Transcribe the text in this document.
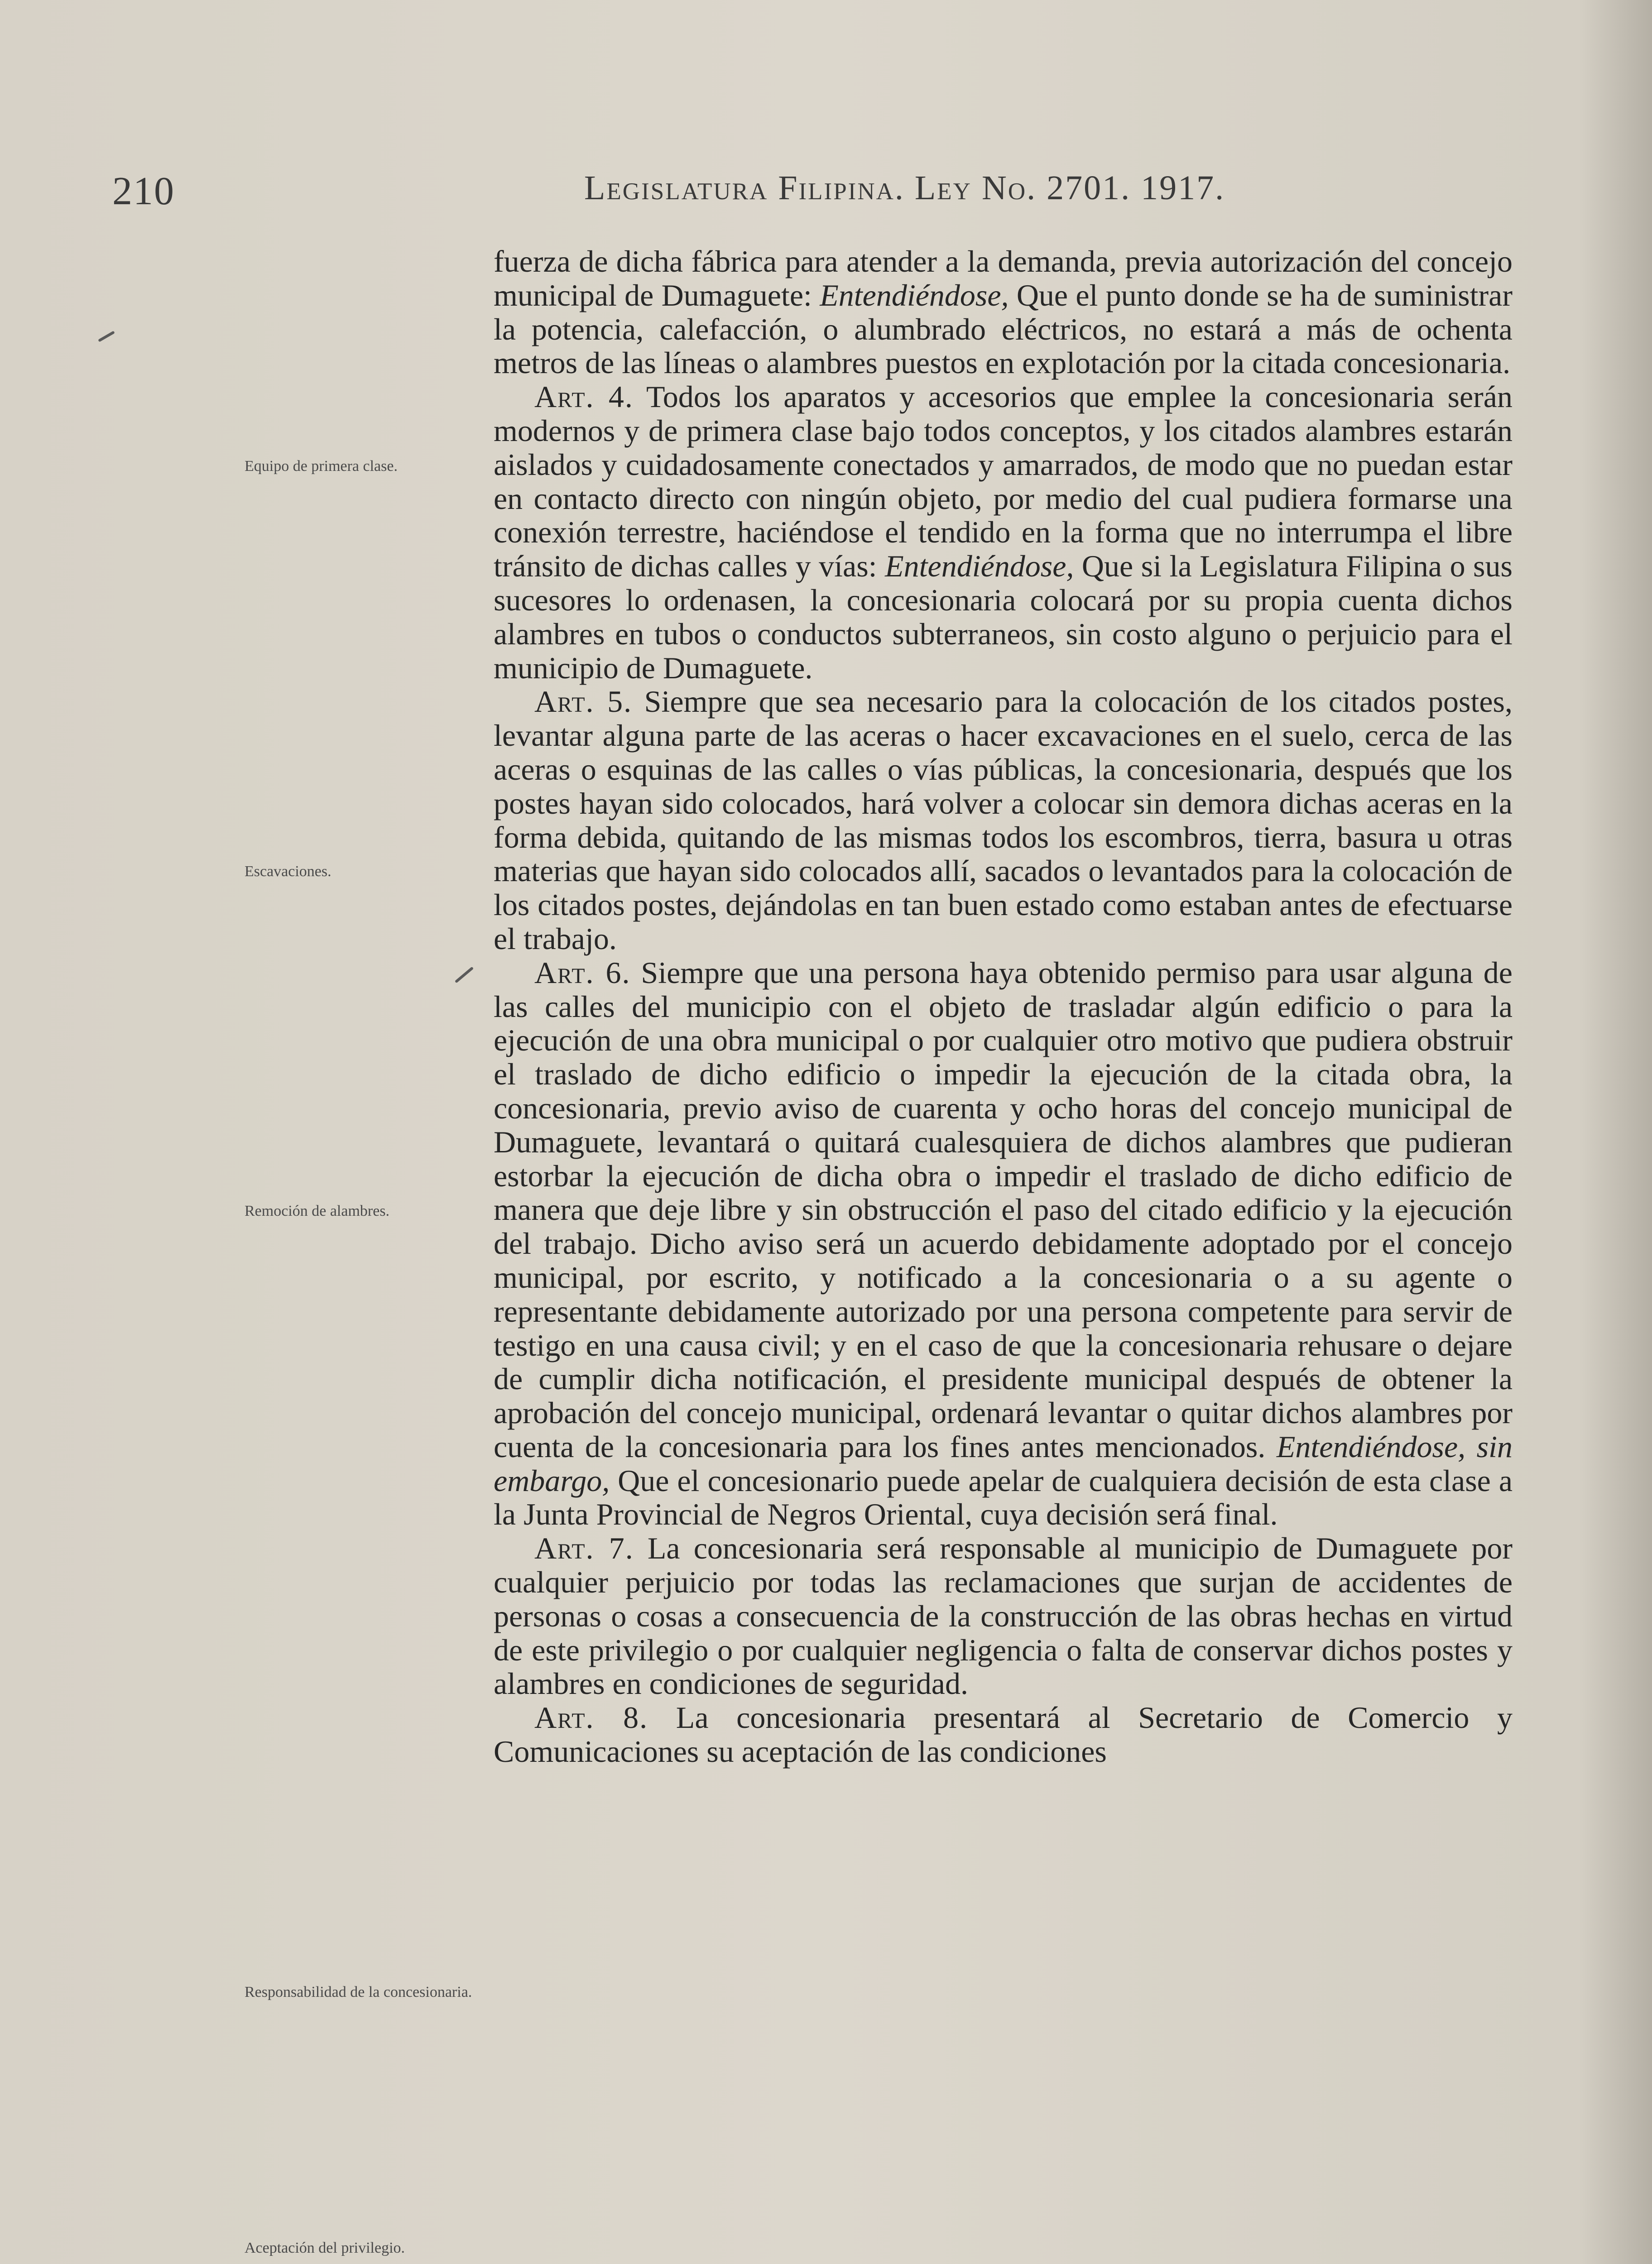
210	Legislatura Filipina. Ley No. 2701. 1917.
Equipo de primera clase.
Escavaciones.
Remoción de alambres.
Responsabilidad de la concesionaria.
Aceptación del privilegio.

fuerza de dicha fábrica para atender a la demanda, previa autorización del concejo municipal de Dumaguete: Entendiéndose, Que el punto donde se ha de suministrar la potencia, calefacción, o alumbrado eléctricos, no estará a más de ochenta metros de las líneas o alambres puestos en explotación por la citada concesionaria.

Art. 4. Todos los aparatos y accesorios que emplee la concesionaria serán modernos y de primera clase bajo todos conceptos, y los citados alambres estarán aislados y cuidadosamente conectados y amarrados, de modo que no puedan estar en contacto directo con ningún objeto, por medio del cual pudiera formarse una conexión terrestre, haciéndose el tendido en la forma que no interrumpa el libre tránsito de dichas calles y vías: Entendiéndose, Que si la Legislatura Filipina o sus sucesores lo ordenasen, la concesionaria colocará por su propia cuenta dichos alambres en tubos o conductos subterraneos, sin costo alguno o perjuicio para el municipio de Dumaguete.

Art. 5. Siempre que sea necesario para la colocación de los citados postes, levantar alguna parte de las aceras o hacer excavaciones en el suelo, cerca de las aceras o esquinas de las calles o vías públicas, la concesionaria, después que los postes hayan sido colocados, hará volver a colocar sin demora dichas aceras en la forma debida, quitando de las mismas todos los escombros, tierra, basura u otras materias que hayan sido colocados allí, sacados o levantados para la colocación de los citados postes, dejándolas en tan buen estado como estaban antes de efectuarse el trabajo.

Art. 6. Siempre que una persona haya obtenido permiso para usar alguna de las calles del municipio con el objeto de trasladar algún edificio o para la ejecución de una obra municipal o por cualquier otro motivo que pudiera obstruir el traslado de dicho edificio o impedir la ejecución de la citada obra, la concesionaria, previo aviso de cuarenta y ocho horas del concejo municipal de Dumaguete, levantará o quitará cualesquiera de dichos alambres que pudieran estorbar la ejecución de dicha obra o impedir el traslado de dicho edificio de manera que deje libre y sin obstrucción el paso del citado edificio y la ejecución del trabajo. Dicho aviso será un acuerdo debidamente adoptado por el concejo municipal, por escrito, y notificado a la concesionaria o a su agente o representante debidamente autorizado por una persona competente para servir de testigo en una causa civil; y en el caso de que la concesionaria rehusare o dejare de cumplir dicha notificación, el presidente municipal después de obtener la aprobación del concejo municipal, ordenará levantar o quitar dichos alambres por cuenta de la concesionaria para los fines antes mencionados. Entendiéndose, sin embargo, Que el concesionario puede apelar de cualquiera decisión de esta clase a la Junta Provincial de Negros Oriental, cuya decisión será final.

Art. 7. La concesionaria será responsable al municipio de Dumaguete por cualquier perjuicio por todas las reclamaciones que surjan de accidentes de personas o cosas a consecuencia de la construcción de las obras hechas en virtud de este privilegio o por cualquier negligencia o falta de conservar dichos postes y alambres en condiciones de seguridad.

Art. 8. La concesionaria presentará al Secretario de Comercio y Comunicaciones su aceptación de las condiciones
